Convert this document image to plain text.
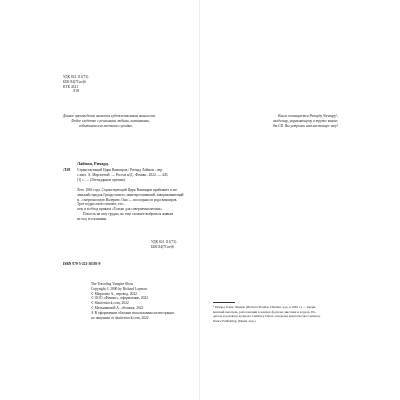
УДК 821.111(73)
ББК 84(7Сое)6
КТК 4321
Л18
Данное произведение является художественным вымыслом.
Любое сходство с реальными людьми, компаниями,
событиями или местами случайно.
Л18
Лаймон, Ричард.
Странствующий Цирк Вампиров / Ричард Лаймон ; пер.
с англ. А. Мирзоевой. — Ростов н/Д : Феникс, 2022. — 445,
[1] с. — (Легендарные премии).
Лето 1963 года. Странствующий Цирк Вампиров прибывает в ма-
ленький городок Гренделсвилл, заинтересовавший, завораживающий
и... смертоносную Валерию. Она — последняя из рода вампиров.
Трое подростков считают, что...
шоу и в обход приказа «Только для совершеннолетних».
Попасть на шоу трудно, но еще сложнее выбраться живым
из-под его влияния.
УДК 821.111(73)
ББК 84(7Сое)6
ISBN 978-5-222-36593-9
The Traveling Vampire Show
Copyright © 2000 by Richard Laymon
© Мирзоева А., перевод, 2022
© ООО «Феникс», оформление, 2022
© Shutterstock.com, 2022
© Мельниковой А., обложка, 2022
® В оформлении обложки использована иллюстрация
по лицензии от shutterstock.com, 2022
Книга посвящается Ричарду Чизмару¹,
владельцу, управляющему и труппе коман-
ды CD. Вы устроили нам настоящее шоу!
¹ Ричард Томас Чизмар (Richard Thomas Chizmar, род. в 1965 г.) — амери-
канский писатель, работающий в жанрах фэнтези, мистики и хоррор. Из-
датель и редактор журнала Cemetery Dance, владелец издательства Cemetery
Dance Publishing. (Прим. пер.)
